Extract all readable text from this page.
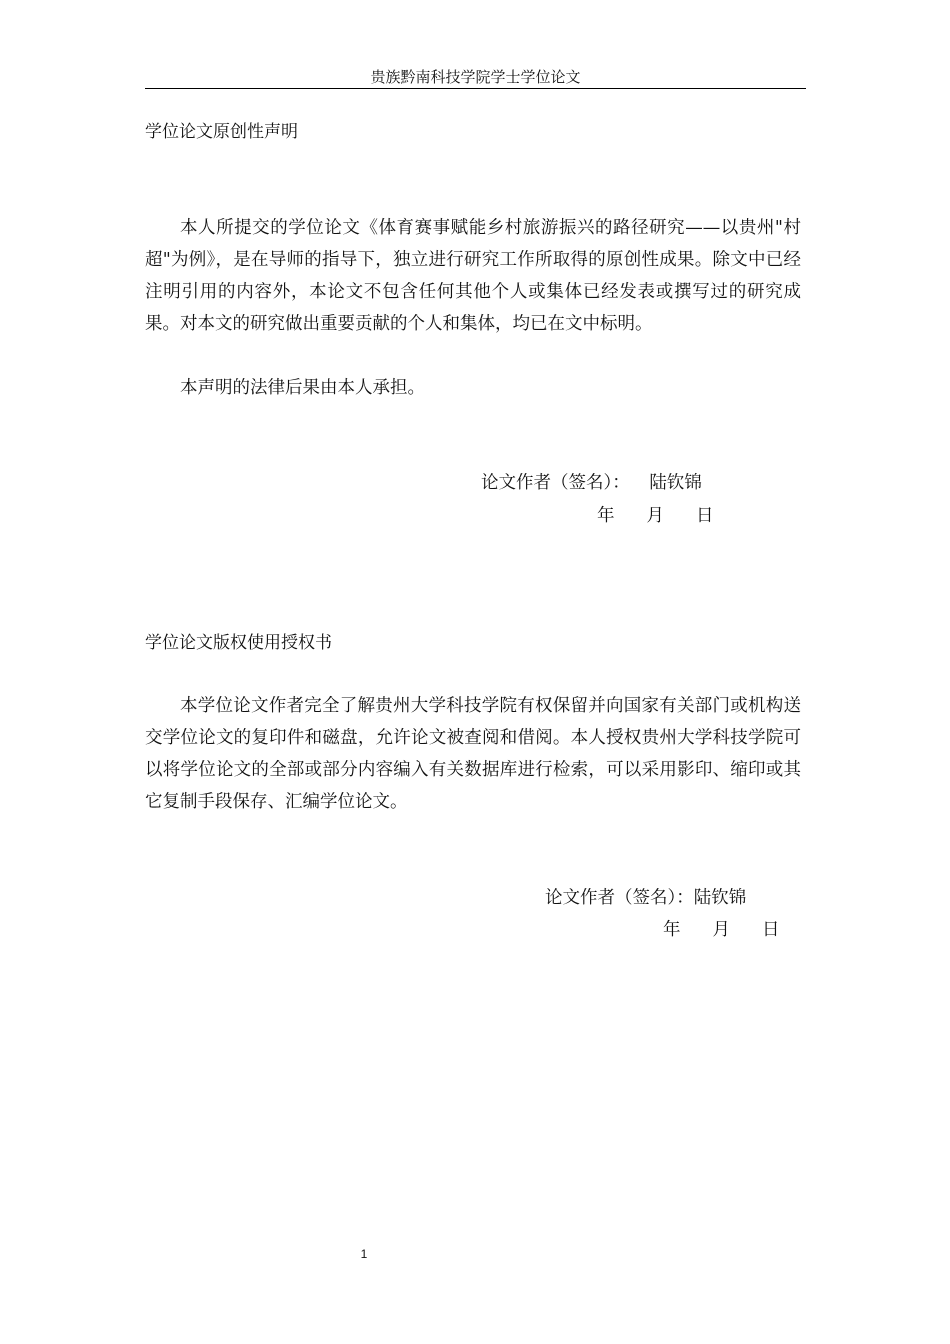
贵族黔南科技学院学士学位论文
学位论文原创性声明

本人所提交的学位论文《体育赛事赋能乡村旅游振兴的路径研究——以贵州"村超"为例》，是在导师的指导下，独立进行研究工作所取得的原创性成果。除文中已经注明引用的内容外，本论文不包含任何其他个人或集体已经发表或撰写过的研究成果。对本文的研究做出重要贡献的个人和集体，均已在文中标明。

本声明的法律后果由本人承担。

论文作者（签名）： 陆钦锦
年 月 日
学位论文版权使用授权书

本学位论文作者完全了解贵州大学科技学院有权保留并向国家有关部门或机构送交学位论文的复印件和磁盘，允许论文被查阅和借阅。本人授权贵州大学科技学院可以将学位论文的全部或部分内容编入有关数据库进行检索，可以采用影印、缩印或其它复制手段保存、汇编学位论文。

论文作者（签名）：陆钦锦
年 月 日
1
